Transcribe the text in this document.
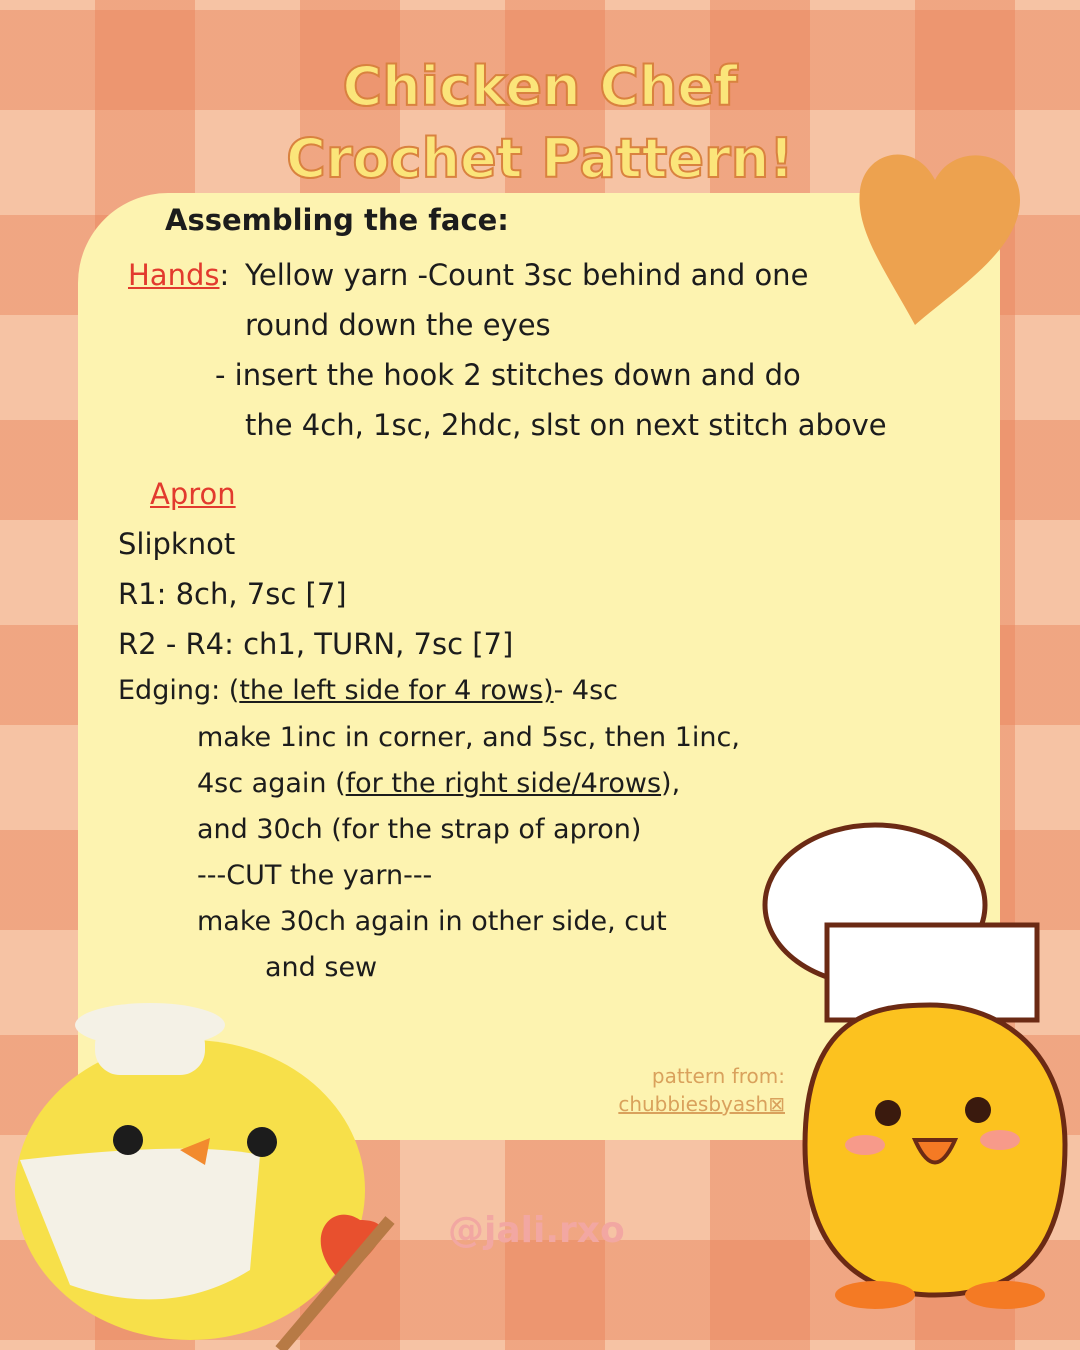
Chicken Chef
Crochet Pattern!
Assembling the face:
Hands: Yellow yarn -Count 3sc behind and one
round down the eyes
- insert the hook 2 stitches down and do
the 4ch, 1sc, 2hdc, slst on next stitch above
Apron
Slipknot
R1: 8ch, 7sc [7]
R2 - R4: ch1, TURN, 7sc [7]
Edging: (the left side for 4 rows)- 4sc
make 1inc in corner, and 5sc, then 1inc,
4sc again (for the right side/4rows),
and 30ch (for the strap of apron)
---CUT the yarn---
make 30ch again in other side, cut
and sew
pattern from:
chubbiesbyash⊠
@jali.rxo
